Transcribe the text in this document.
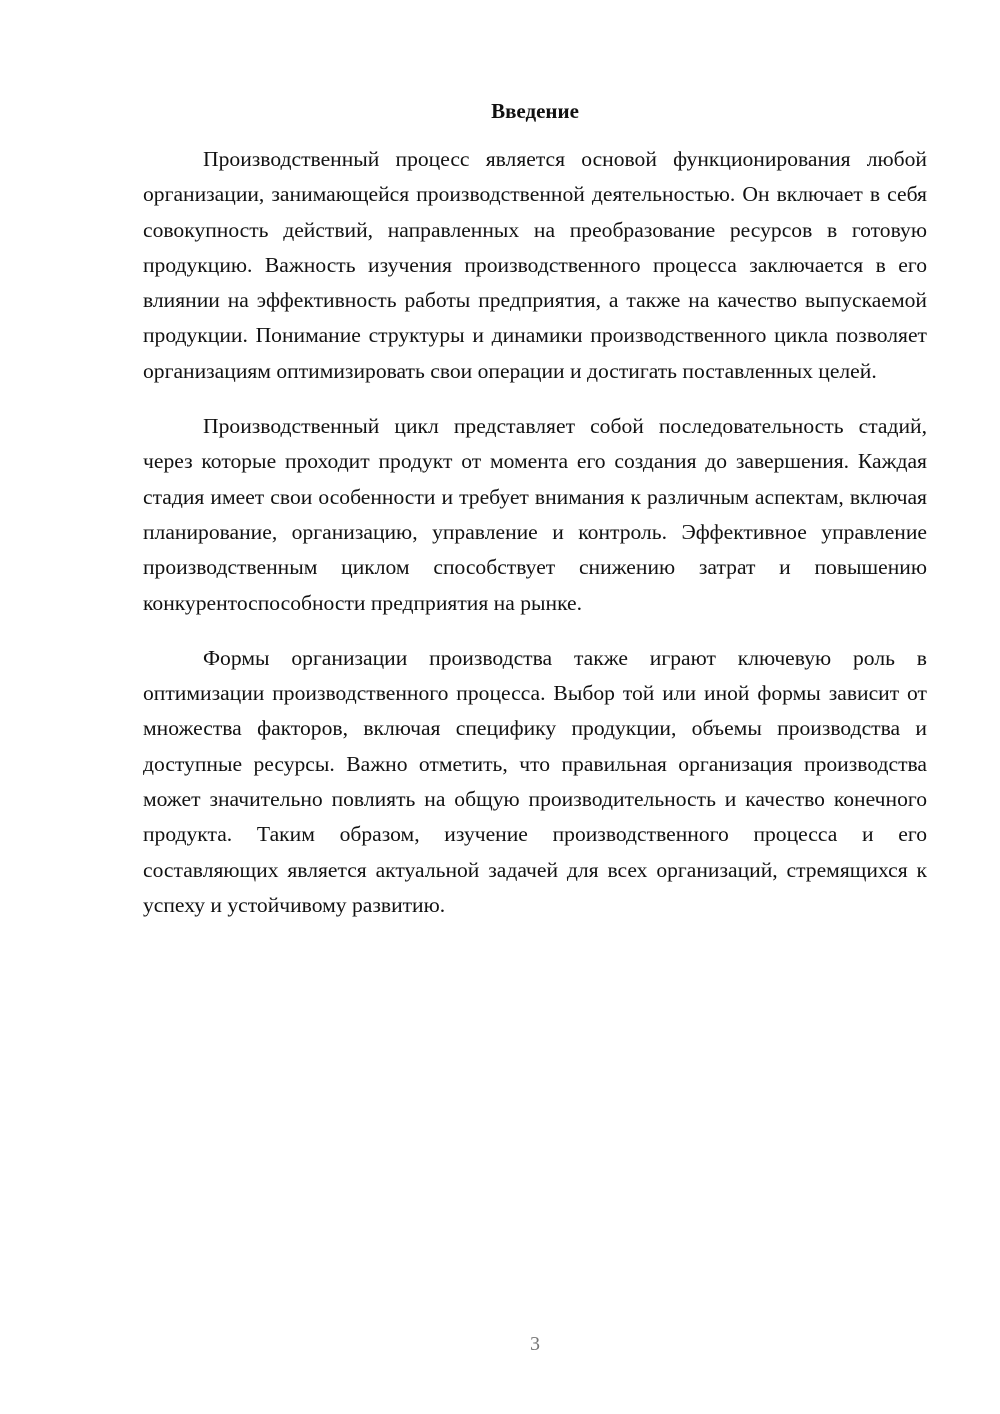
Введение

Производственный процесс является основой функционирования любой организации, занимающейся производственной деятельностью. Он включает в себя совокупность действий, направленных на преобразование ресурсов в готовую продукцию. Важность изучения производственного процесса заключается в его влиянии на эффективность работы предприятия, а также на качество выпускаемой продукции. Понимание структуры и динамики производственного цикла позволяет организациям оптимизировать свои операции и достигать поставленных целей.

Производственный цикл представляет собой последовательность стадий, через которые проходит продукт от момента его создания до завершения. Каждая стадия имеет свои особенности и требует внимания к различным аспектам, включая планирование, организацию, управление и контроль. Эффективное управление производственным циклом способствует снижению затрат и повышению конкурентоспособности предприятия на рынке.

Формы организации производства также играют ключевую роль в оптимизации производственного процесса. Выбор той или иной формы зависит от множества факторов, включая специфику продукции, объемы производства и доступные ресурсы. Важно отметить, что правильная организация производства может значительно повлиять на общую производительность и качество конечного продукта. Таким образом, изучение производственного процесса и его составляющих является актуальной задачей для всех организаций, стремящихся к успеху и устойчивому развитию.

3
